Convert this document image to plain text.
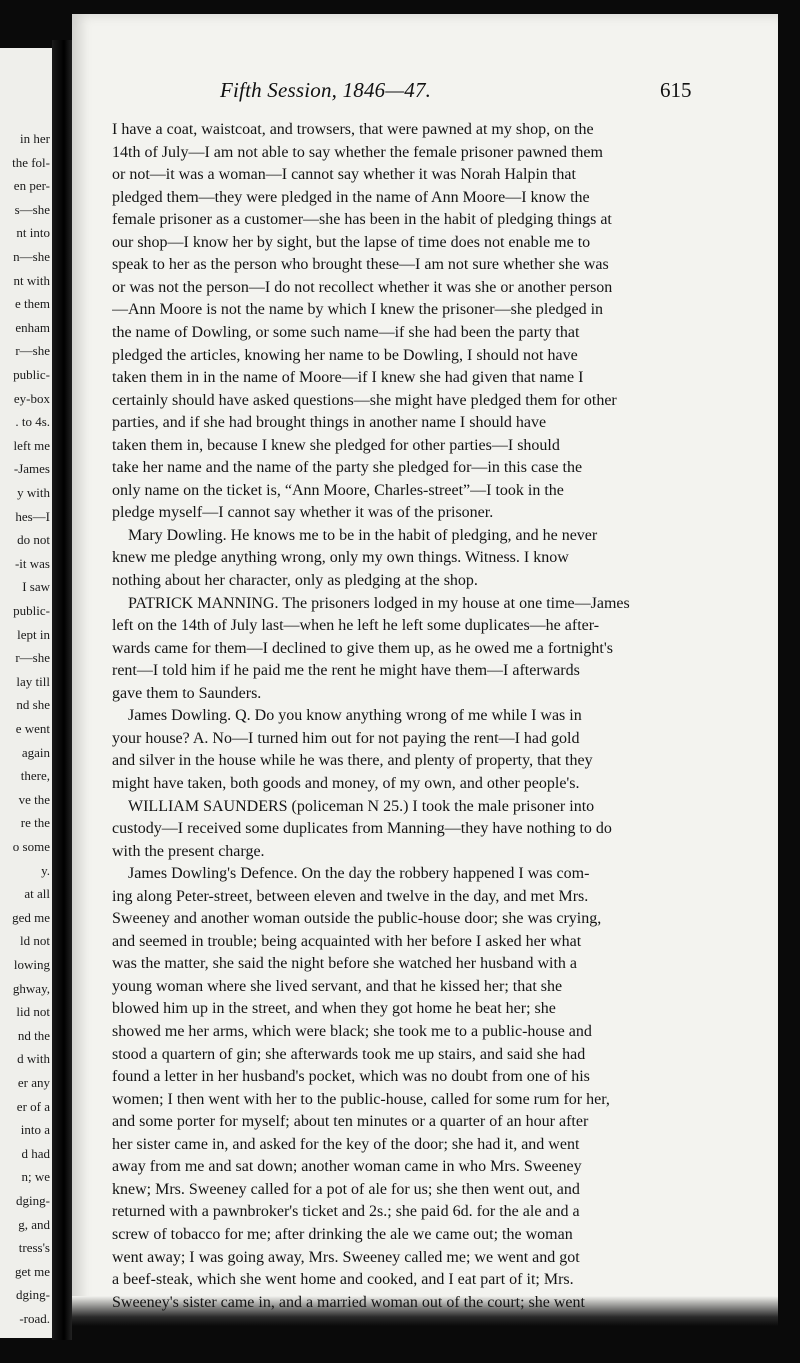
in her
the fol-
en per-
s—she
nt into
n—she
nt with
e them
enham
r—she
public-
ey-box
. to 4s.
left me
-James
y with
hes—I
do not
-it was
I saw
public-
lept in
r—she
lay till
nd she
e went
again
there,
ve the
re the
o some
y.
at all
ged me
ld not
lowing
ghway,
lid not
nd the
d with
er any
er of a
into a
d had
n; we
dging-
g, and
tress's
get me
dging-
-road.
Fifth Session, 1846—47.	615
I have a coat, waistcoat, and trowsers, that were pawned at my shop, on the
14th of July—I am not able to say whether the female prisoner pawned them
or not—it was a woman—I cannot say whether it was Norah Halpin that
pledged them—they were pledged in the name of Ann Moore—I know the
female prisoner as a customer—she has been in the habit of pledging things at
our shop—I know her by sight, but the lapse of time does not enable me to
speak to her as the person who brought these—I am not sure whether she was
or was not the person—I do not recollect whether it was she or another person
—Ann Moore is not the name by which I knew the prisoner—she pledged in
the name of Dowling, or some such name—if she had been the party that
pledged the articles, knowing her name to be Dowling, I should not have
taken them in in the name of Moore—if I knew she had given that name I
certainly should have asked questions—she might have pledged them for other
parties, and if she had brought things in another name I should have
taken them in, because I knew she pledged for other parties—I should
take her name and the name of the party she pledged for—in this case the
only name on the ticket is, “Ann Moore, Charles-street”—I took in the
pledge myself—I cannot say whether it was of the prisoner.
Mary Dowling. He knows me to be in the habit of pledging, and he never
knew me pledge anything wrong, only my own things. Witness. I know
nothing about her character, only as pledging at the shop.
PATRICK MANNING. The prisoners lodged in my house at one time—James
left on the 14th of July last—when he left he left some duplicates—he after-
wards came for them—I declined to give them up, as he owed me a fortnight's
rent—I told him if he paid me the rent he might have them—I afterwards
gave them to Saunders.
James Dowling. Q. Do you know anything wrong of me while I was in
your house? A. No—I turned him out for not paying the rent—I had gold
and silver in the house while he was there, and plenty of property, that they
might have taken, both goods and money, of my own, and other people's.
WILLIAM SAUNDERS (policeman N 25.) I took the male prisoner into
custody—I received some duplicates from Manning—they have nothing to do
with the present charge.
James Dowling's Defence. On the day the robbery happened I was com-
ing along Peter-street, between eleven and twelve in the day, and met Mrs.
Sweeney and another woman outside the public-house door; she was crying,
and seemed in trouble; being acquainted with her before I asked her what
was the matter, she said the night before she watched her husband with a
young woman where she lived servant, and that he kissed her; that she
blowed him up in the street, and when they got home he beat her; she
showed me her arms, which were black; she took me to a public-house and
stood a quartern of gin; she afterwards took me up stairs, and said she had
found a letter in her husband's pocket, which was no doubt from one of his
women; I then went with her to the public-house, called for some rum for her,
and some porter for myself; about ten minutes or a quarter of an hour after
her sister came in, and asked for the key of the door; she had it, and went
away from me and sat down; another woman came in who Mrs. Sweeney
knew; Mrs. Sweeney called for a pot of ale for us; she then went out, and
returned with a pawnbroker's ticket and 2s.; she paid 6d. for the ale and a
screw of tobacco for me; after drinking the ale we came out; the woman
went away; I was going away, Mrs. Sweeney called me; we went and got
a beef-steak, which she went home and cooked, and I eat part of it; Mrs.
Sweeney's sister came in, and a married woman out of the court; she went
